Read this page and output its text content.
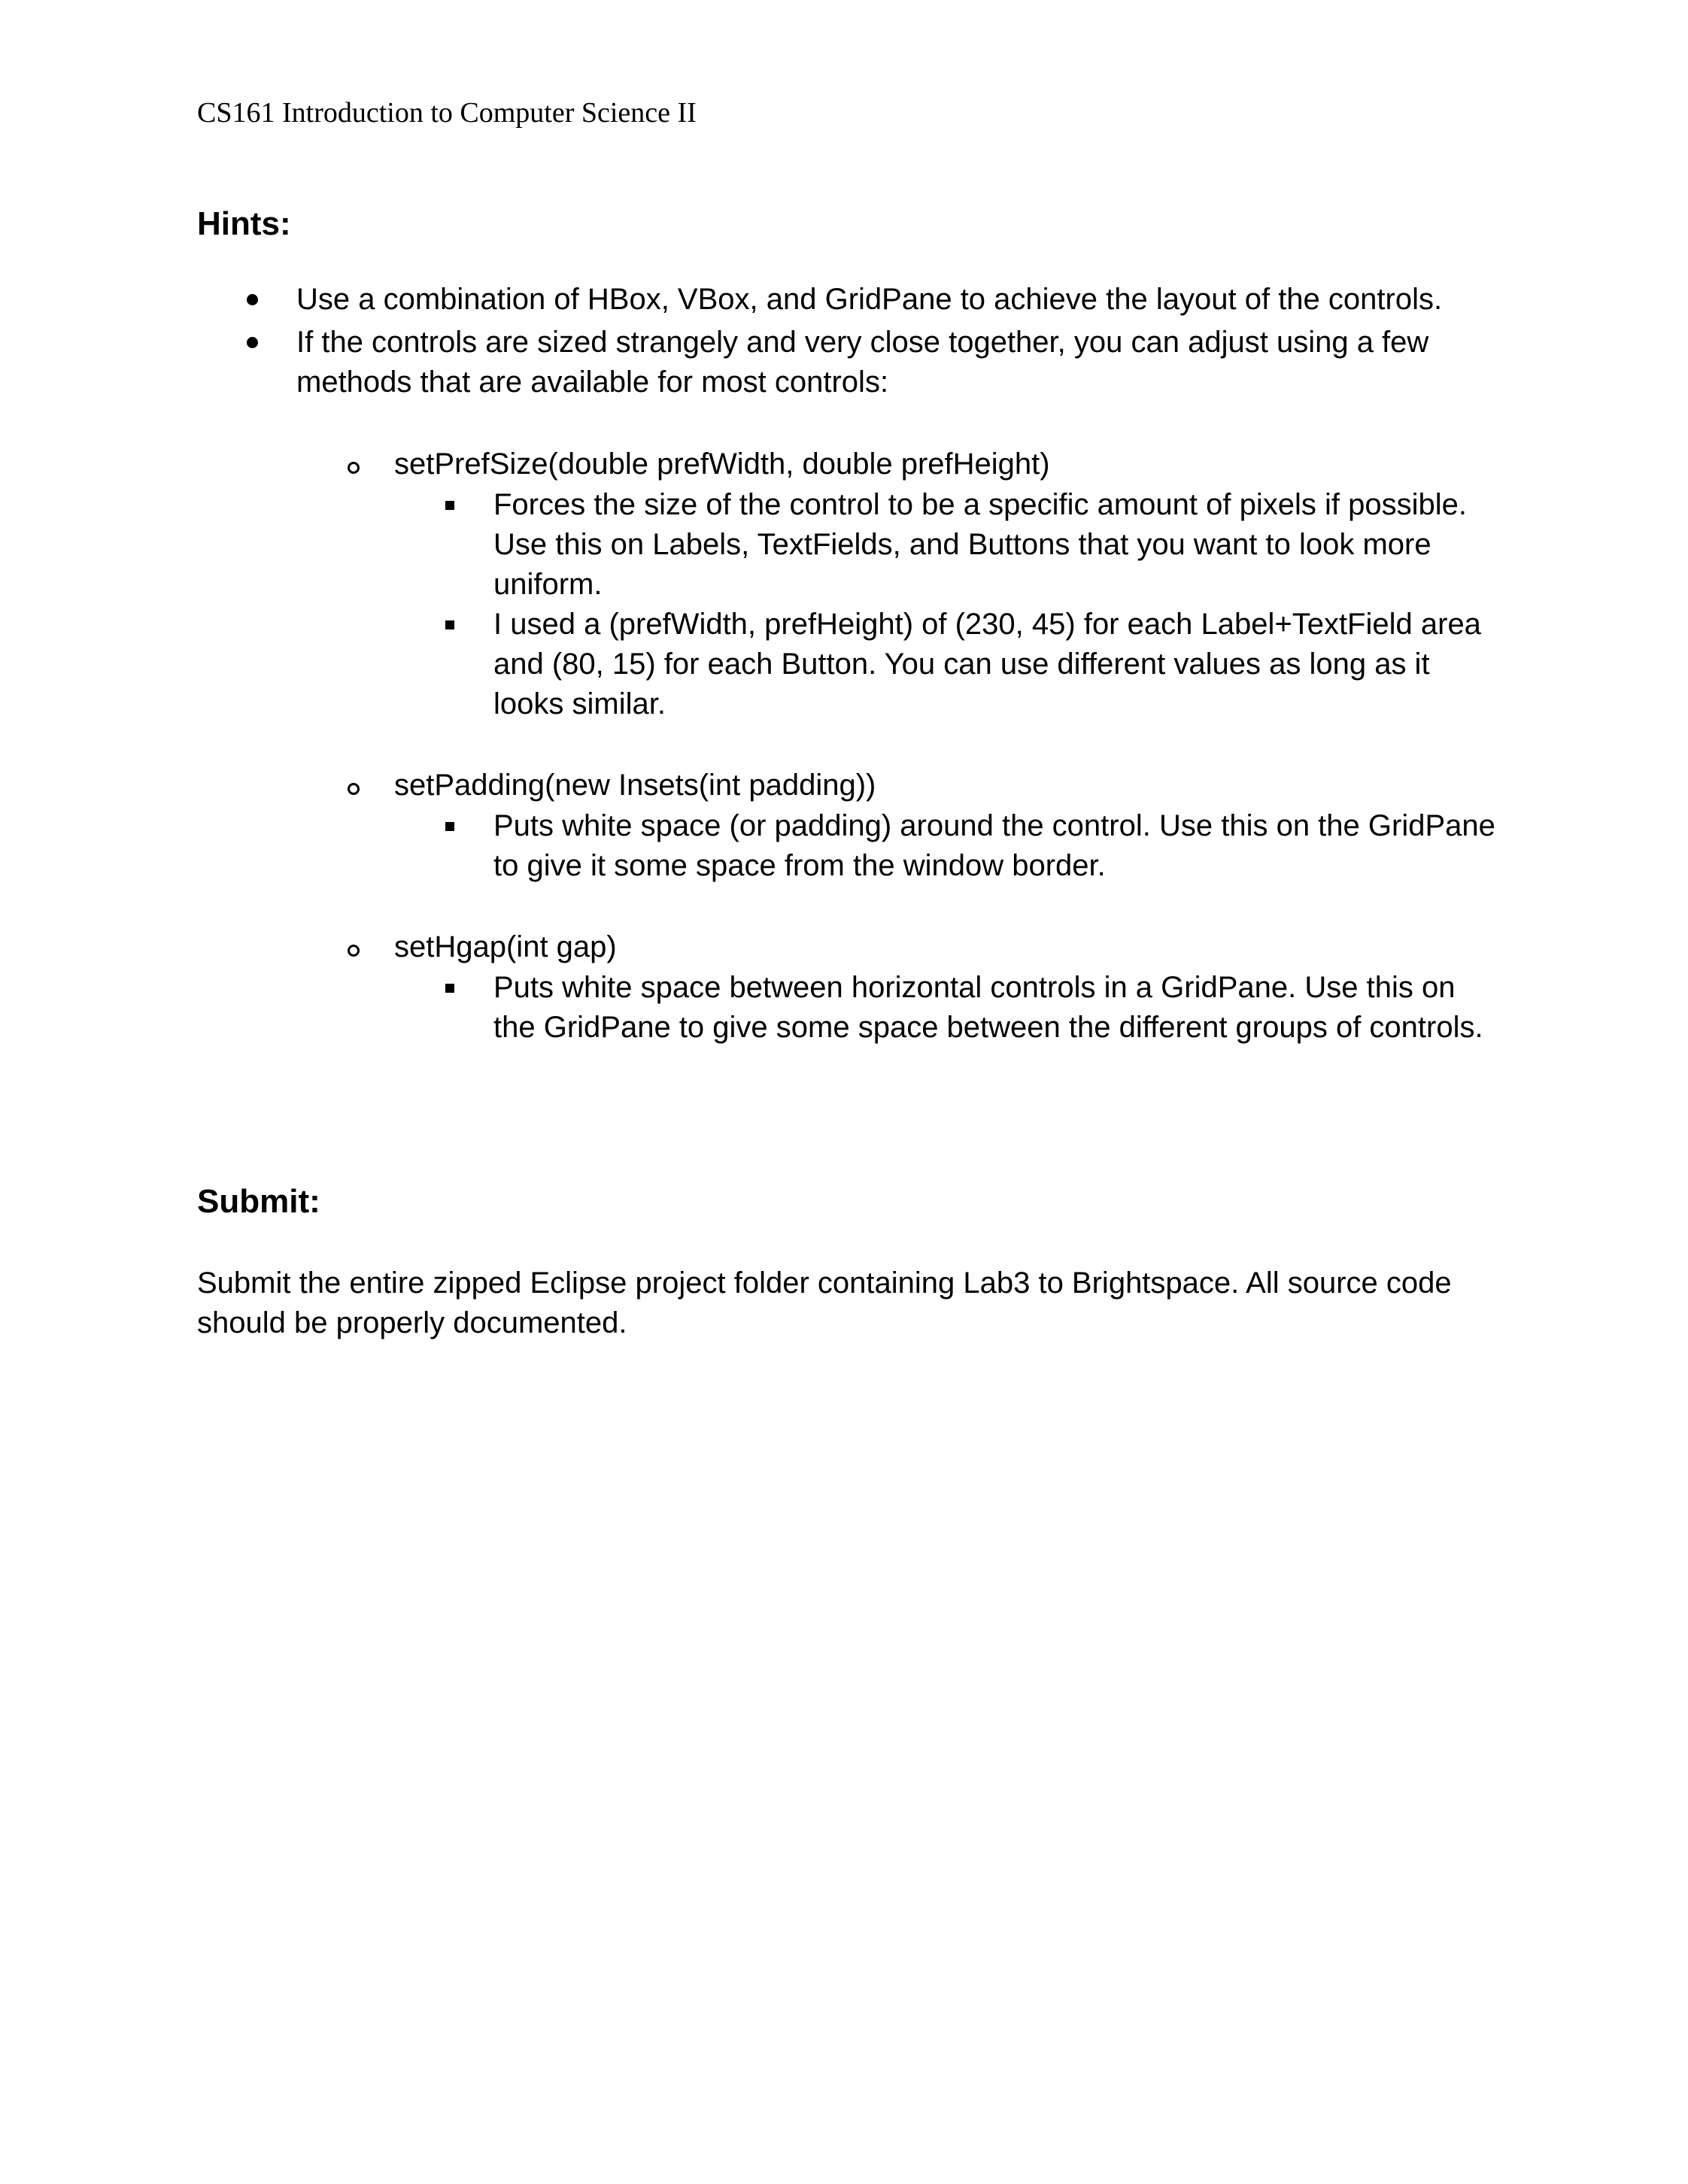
CS161 Introduction to Computer Science II
Hints:
Use a combination of HBox, VBox, and GridPane to achieve the layout of the controls.
If the controls are sized strangely and very close together, you can adjust using a few
methods that are available for most controls:
setPrefSize(double prefWidth, double prefHeight)
Forces the size of the control to be a specific amount of pixels if possible.
Use this on Labels, TextFields, and Buttons that you want to look more
uniform.
I used a (prefWidth, prefHeight) of (230, 45) for each Label+TextField area
and (80, 15) for each Button. You can use different values as long as it
looks similar.
setPadding(new Insets(int padding))
Puts white space (or padding) around the control. Use this on the GridPane
to give it some space from the window border.
setHgap(int gap)
Puts white space between horizontal controls in a GridPane. Use this on
the GridPane to give some space between the different groups of controls.
Submit:
Submit the entire zipped Eclipse project folder containing Lab3 to Brightspace. All source code
should be properly documented.
